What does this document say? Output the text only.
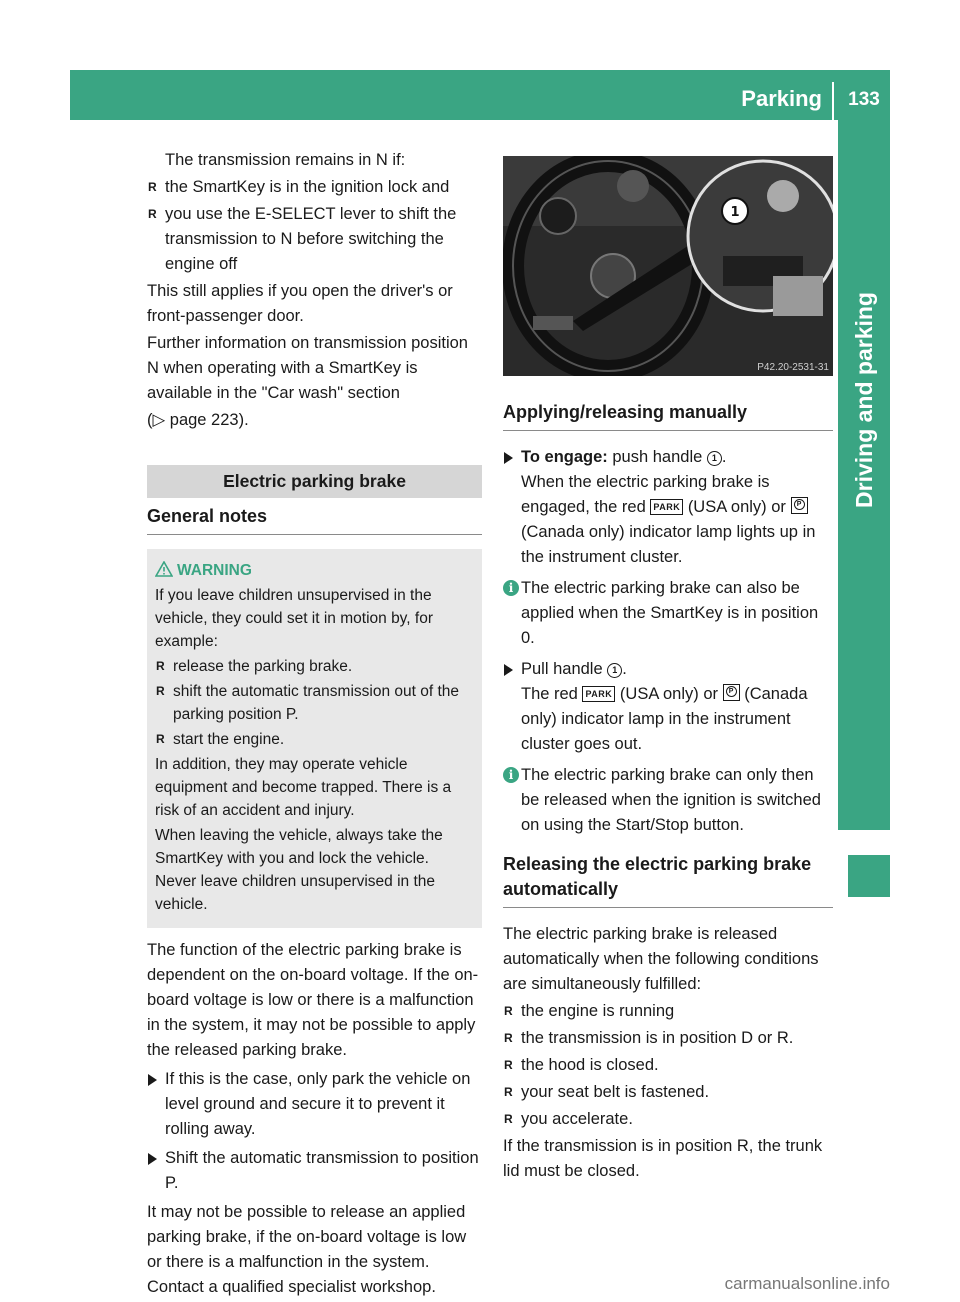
Parking	133
Driving and parking

The transmission remains in N if:

R the SmartKey is in the ignition lock and
R you use the E-SELECT lever to shift the transmission to N before switching the engine off

This still applies if you open the driver's or front-passenger door.

Further information on transmission position N when operating with a SmartKey is available in the "Car wash" section

(▷ page 223).

Electric parking brake
General notes
WARNING

If you leave children unsupervised in the vehicle, they could set it in motion by, for example:

R release the parking brake.
R shift the automatic transmission out of the parking position P.
R start the engine.

In addition, they may operate vehicle equipment and become trapped. There is a risk of an accident and injury.

When leaving the vehicle, always take the SmartKey with you and lock the vehicle. Never leave children unsupervised in the vehicle.

The function of the electric parking brake is dependent on the on-board voltage. If the on-board voltage is low or there is a malfunction in the system, it may not be possible to apply the released parking brake.

If this is the case, only park the vehicle on level ground and secure it to prevent it rolling away.
Shift the automatic transmission to position P.

It may not be possible to release an applied parking brake, if the on-board voltage is low or there is a malfunction in the system. Contact a qualified specialist workshop.

1
P42.20-2531-31
Applying/releasing manually
To engage: push handle 1 .
When the electric parking brake is engaged, the red PARK (USA only) or P (Canada only) indicator lamp lights up in the instrument cluster.
i The electric parking brake can also be applied when the SmartKey is in position 0.
Pull handle 1 .
The red PARK (USA only) or P (Canada only) indicator lamp in the instrument cluster goes out.
i The electric parking brake can only then be released when the ignition is switched on using the Start/Stop button.
Releasing the electric parking brake automatically

The electric parking brake is released automatically when the following conditions are simultaneously fulfilled:

R the engine is running
R the transmission is in position D or R.
R the hood is closed.
R your seat belt is fastened.
R you accelerate.

If the transmission is in position R, the trunk lid must be closed.

carmanualsonline.info
